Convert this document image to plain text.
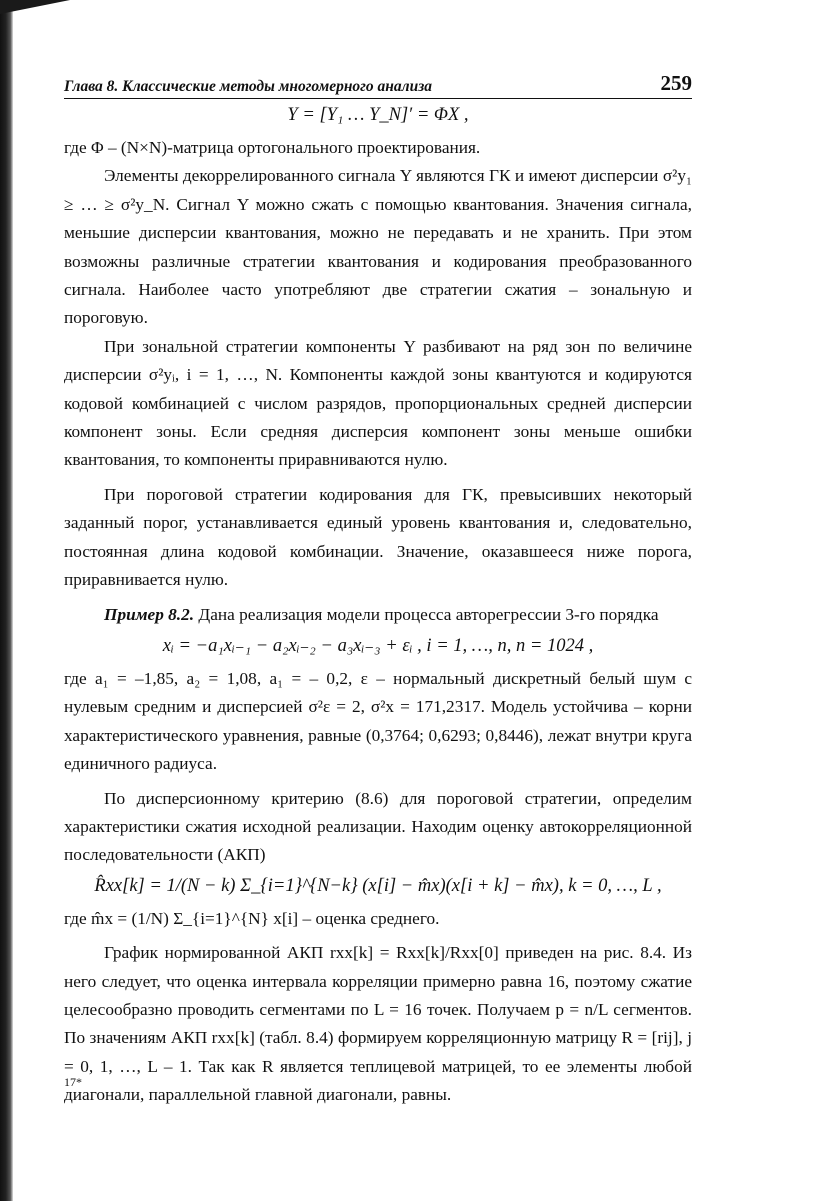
Глава 8. Классические методы многомерного анализа	259
Y = [Y₁ … Y_N]′ = ΦX ,

где Φ – (N×N)-матрица ортогонального проектирования.

Элементы декоррелированного сигнала Y являются ГК и имеют дисперсии σ²y₁ ≥ … ≥ σ²y_N. Сигнал Y можно сжать с помощью квантования. Значения сигнала, меньшие дисперсии квантования, можно не передавать и не хранить. При этом возможны различные стратегии квантования и кодирования преобразованного сигнала. Наиболее часто употребляют две стратегии сжатия – зональную и пороговую.

При зональной стратегии компоненты Y разбивают на ряд зон по величине дисперсии σ²yᵢ, i = 1, …, N. Компоненты каждой зоны квантуются и кодируются кодовой комбинацией с числом разрядов, пропорциональных средней дисперсии компонент зоны. Если средняя дисперсия компонент зоны меньше ошибки квантования, то компоненты приравниваются нулю.

При пороговой стратегии кодирования для ГК, превысивших некоторый заданный порог, устанавливается единый уровень квантования и, следовательно, постоянная длина кодовой комбинации. Значение, оказавшееся ниже порога, приравнивается нулю.

Пример 8.2. Дана реализация модели процесса авторегрессии 3-го порядка

xᵢ = −a₁xᵢ₋₁ − a₂xᵢ₋₂ − a₃xᵢ₋₃ + εᵢ , i = 1, …, n, n = 1024 ,

где a₁ = –1,85, a₂ = 1,08, a₁ = – 0,2, ε – нормальный дискретный белый шум с нулевым средним и дисперсией σ²ε = 2, σ²x = 171,2317. Модель устойчива – корни характеристического уравнения, равные (0,3764; 0,6293; 0,8446), лежат внутри круга единичного радиуса.

По дисперсионному критерию (8.6) для пороговой стратегии, определим характеристики сжатия исходной реализации. Находим оценку автокорреляционной последовательности (АКП)

R̂xx[k] = 1/(N − k) Σ_{i=1}^{N−k} (x[i] − m̂x)(x[i + k] − m̂x), k = 0, …, L ,

где m̂x = (1/N) Σ_{i=1}^{N} x[i] – оценка среднего.

График нормированной АКП rxx[k] = Rxx[k]/Rxx[0] приведен на рис. 8.4. Из него следует, что оценка интервала корреляции примерно равна 16, поэтому сжатие целесообразно проводить сегментами по L = 16 точек. Получаем p = n/L сегментов. По значениям АКП rxx[k] (табл. 8.4) формируем корреляционную матрицу R = [rij], j = 0, 1, …, L – 1. Так как R является теплицевой матрицей, то ее элементы любой диагонали, параллельной главной диагонали, равны.

17*
